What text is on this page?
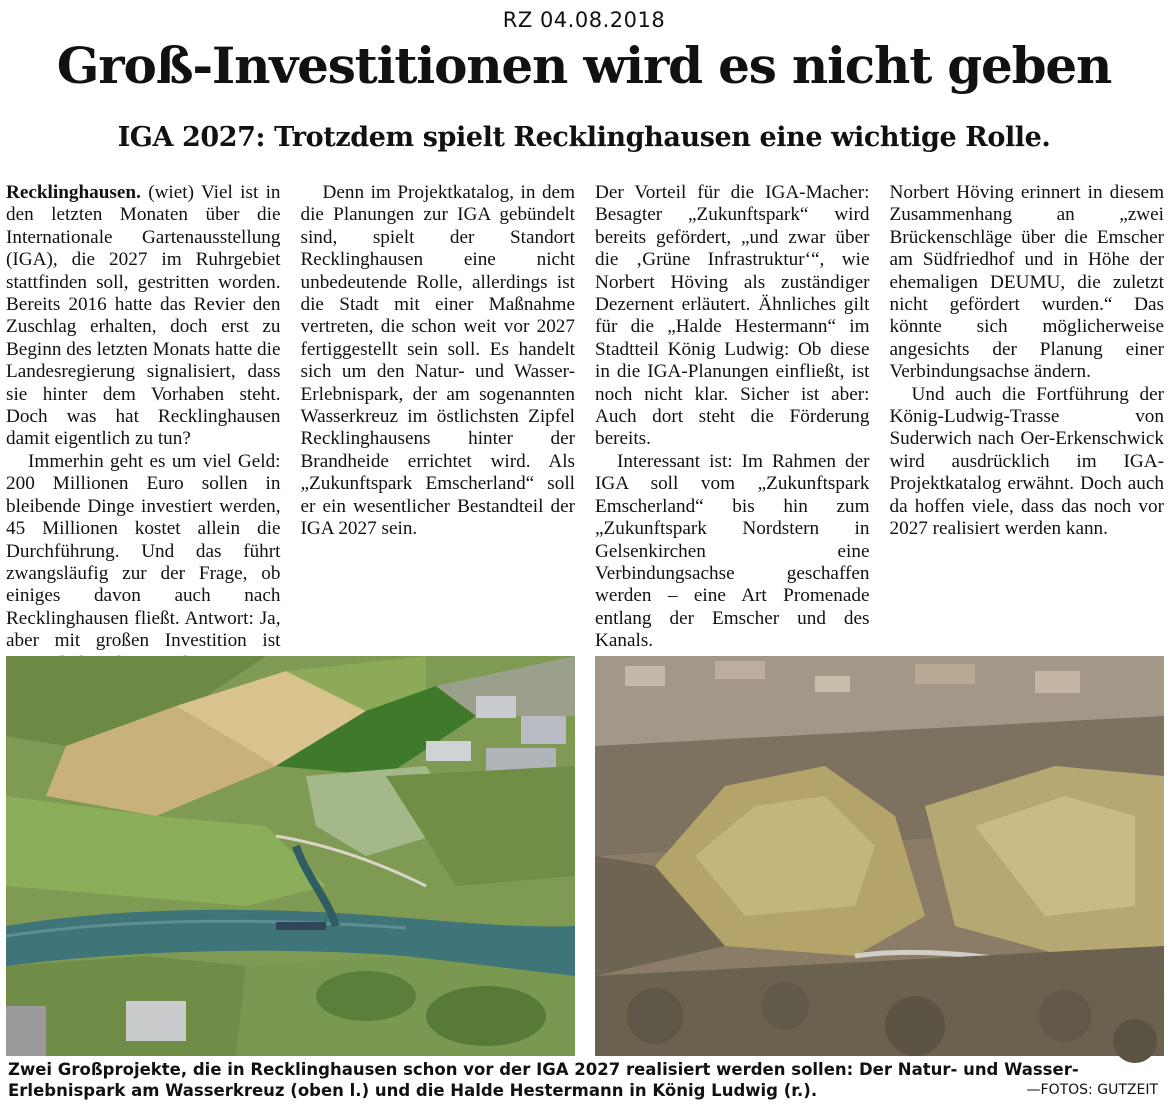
RZ 04.08.2018
Groß-Investitionen wird es nicht geben
IGA 2027: Trotzdem spielt Recklinghausen eine wichtige Rolle.

Recklinghausen. (wiet) Viel ist in den letzten Monaten über die Internationale Gartenausstellung (IGA), die 2027 im Ruhrgebiet stattfinden soll, gestritten worden. Bereits 2016 hatte das Revier den Zuschlag erhalten, doch erst zu Beginn des letzten Monats hatte die Landesregierung signalisiert, dass sie hinter dem Vorhaben steht. Doch was hat Recklinghausen damit eigentlich zu tun?

Immerhin geht es um viel Geld: 200 Millionen Euro sollen in bleibende Dinge investiert werden, 45 Millionen kostet allein die Durchführung. Und das führt zwangsläufig zur der Frage, ob einiges davon auch nach Recklinghausen fließt. Antwort: Ja, aber mit großen Investition ist

Denn im Projektkatalog, in dem die Planungen zur IGA gebündelt sind, spielt der Standort Recklinghausen eine nicht unbedeutende Rolle, allerdings ist die Stadt mit einer Maßnahme vertreten, die schon weit vor 2027 fertiggestellt sein soll. Es handelt sich um den Natur- und Wasser-Erlebnispark, der am sogenannten Wasserkreuz im östlichsten Zipfel Recklinghausens hinter der Brandheide errichtet wird. Als „Zukunftspark Emscherland“ soll er ein wesentlicher Bestandteil der IGA 2027 sein.

Der Vorteil für die IGA-Macher: Besagter „Zukunftspark“ wird bereits gefördert, „und zwar über die ‚Grüne Infrastruktur‘“, wie Norbert Höving als zuständiger Dezernent erläutert. Ähnliches gilt für die „Halde Hestermann“ im Stadtteil König Ludwig: Ob diese in die IGA-Planungen einfließt, ist noch nicht klar. Sicher ist aber: Auch dort steht die Förderung bereits.

Interessant ist: Im Rahmen der IGA soll vom „Zukunftspark Emscherland“ bis hin zum „Zukunftspark Nordstern in Gelsenkirchen eine Verbindungsachse geschaffen werden – eine Art Promenade entlang der Emscher und des Kanals.

Norbert Höving erinnert in diesem Zusammenhang an „zwei Brückenschläge über die Emscher am Südfriedhof und in Höhe der ehemaligen DEUMU, die zuletzt nicht gefördert wurden.“ Das könnte sich möglicherweise angesichts der Planung einer Verbindungsachse ändern.

Und auch die Fortführung der König-Ludwig-Trasse von Suderwich nach Oer-Erkenschwick wird ausdrücklich im IGA-Projektkatalog erwähnt. Doch auch da hoffen viele, dass das noch vor 2027 realisiert werden kann.

Zwei Großprojekte, die in Recklinghausen schon vor der IGA 2027 realisiert werden sollen: Der Natur- und Wasser-Erlebnispark am Wasserkreuz (oben l.) und die Halde Hestermann in König Ludwig (r.).	—FOTOS: GUTZEIT
